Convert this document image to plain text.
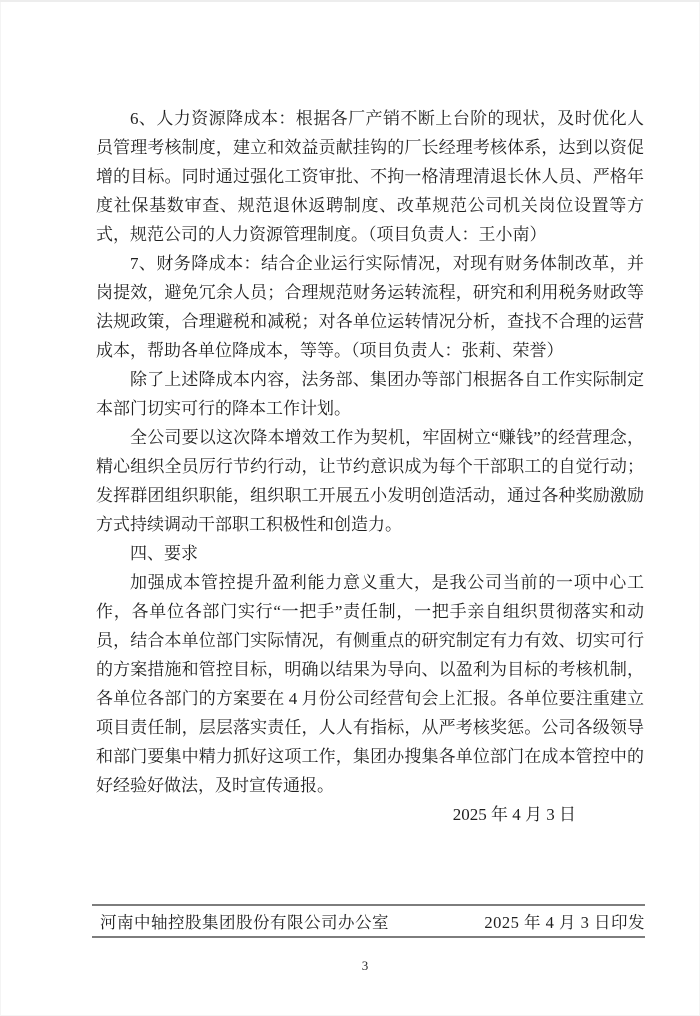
6、人力资源降成本：根据各厂产销不断上台阶的现状，及时优化人员管理考核制度，建立和效益贡献挂钩的厂长经理考核体系，达到以资促增的目标。同时通过强化工资审批、不拘一格清理清退长休人员、严格年度社保基数审查、规范退休返聘制度、改革规范公司机关岗位设置等方式，规范公司的人力资源管理制度。（项目负责人：王小南）

7、财务降成本：结合企业运行实际情况，对现有财务体制改革，并岗提效，避免冗余人员；合理规范财务运转流程，研究和利用税务财政等法规政策，合理避税和减税；对各单位运转情况分析，查找不合理的运营成本，帮助各单位降成本，等等。（项目负责人：张莉、荣誉）

除了上述降成本内容，法务部、集团办等部门根据各自工作实际制定本部门切实可行的降本工作计划。

全公司要以这次降本增效工作为契机，牢固树立“赚钱”的经营理念，精心组织全员厉行节约行动，让节约意识成为每个干部职工的自觉行动；发挥群团组织职能，组织职工开展五小发明创造活动，通过各种奖励激励方式持续调动干部职工积极性和创造力。

四、要求

加强成本管控提升盈利能力意义重大，是我公司当前的一项中心工作，各单位各部门实行“一把手”责任制，一把手亲自组织贯彻落实和动员，结合本单位部门实际情况，有侧重点的研究制定有力有效、切实可行的方案措施和管控目标，明确以结果为导向、以盈利为目标的考核机制，各单位各部门的方案要在 4 月份公司经营旬会上汇报。各单位要注重建立项目责任制，层层落实责任，人人有指标，从严考核奖惩。公司各级领导和部门要集中精力抓好这项工作，集团办搜集各单位部门在成本管控中的好经验好做法，及时宣传通报。

2025 年 4 月 3 日

河南中轴控股集团股份有限公司办公室	2025 年 4 月 3 日印发
3
